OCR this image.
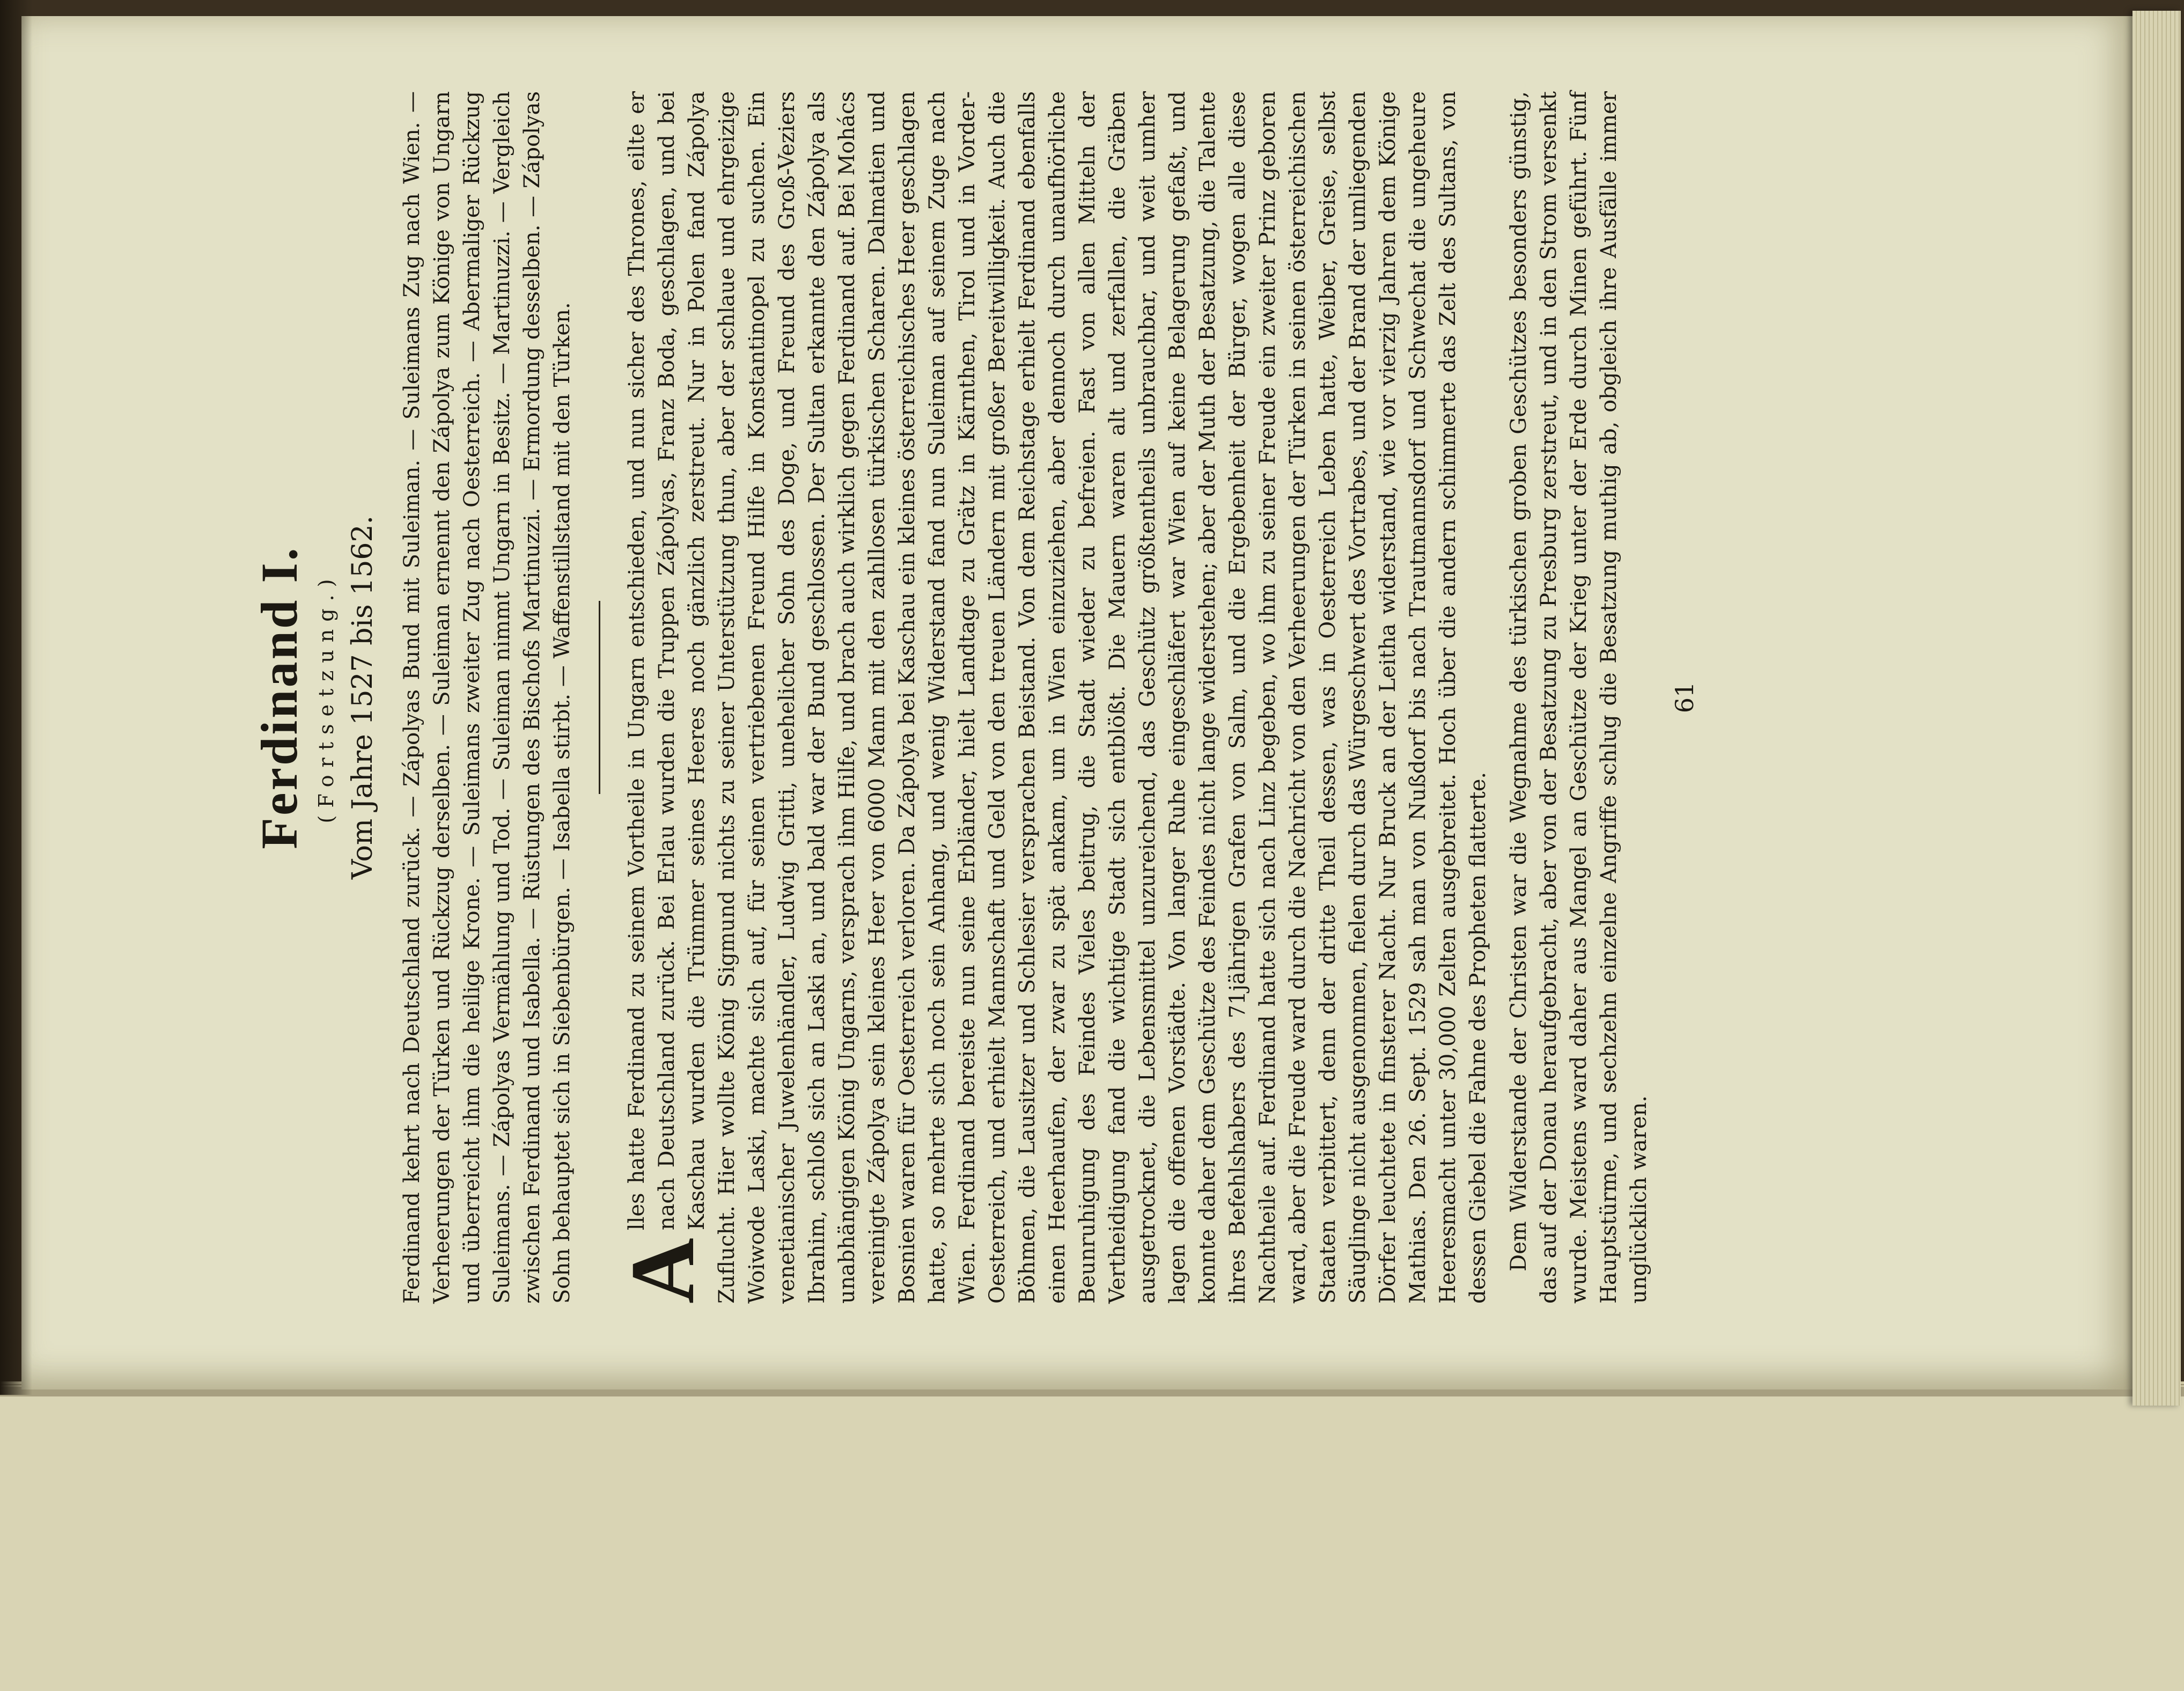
Ferdinand I. (Fortsetzung.) Vom Jahre 1527 bis 1562. Ferdinand kehrt nach Deutschland zurück. — Zápolyas Bund mit Suleiman. — Suleimans Zug nach Wien. — Verheerungen der Türken und Rückzug derselben. — Suleiman ernennt den Zápolya zum Könige von Ungarn und überreicht ihm die heilige Krone. — Suleimans zweiter Zug nach Oesterreich. — Abermaliger Rückzug Suleimans. — Zápolyas Vermählung und Tod. — Suleiman nimmt Ungarn in Besitz. — Martinuzzi. — Vergleich zwischen Ferdinand und Isabella. — Rüstungen des Bischofs Martinuzzi. — Ermordung desselben. — Zápolyas Sohn behauptet sich in Siebenbürgen. — Isabella stirbt. — Waffenstillstand mit den Türken. A
lles hatte Ferdinand zu seinem Vortheile in Ungarn entschieden, und nun sicher des Thrones, eilte er nach Deutschland zurück. Bei Erlau wurden die Truppen Zápolyas, Franz Boda, geschlagen, und bei Kaschau wurden die Trümmer seines Heeres noch gänzlich zerstreut. Nur in Polen fand Zápolya Zuflucht. Hier wollte König Sigmund nichts zu seiner Unterstützung thun, aber der schlaue und ehrgeizige Woiwode Laski, machte sich auf, für seinen vertriebenen Freund Hilfe in Konstantinopel zu suchen. Ein venetianischer Juwelenhändler, Ludwig Gritti, unehelicher Sohn des Doge, und Freund des Groß-Veziers Ibrahim, schloß sich an Laski an, und bald war der Bund geschlossen. Der Sultan erkannte den Zápolya als unabhängigen König Ungarns, versprach ihm Hilfe, und brach auch wirklich gegen Ferdinand auf. Bei Mohács vereinigte Zápolya sein kleines Heer von 6000 Mann mit den zahllosen türkischen Scharen. Dalmatien und Bosnien waren für Oesterreich verloren. Da Zápolya bei Kaschau ein kleines österreichisches Heer geschlagen hatte, so mehrte sich noch sein Anhang, und wenig Widerstand fand nun Suleiman auf seinem Zuge nach Wien. Ferdinand bereiste nun seine Erbländer, hielt Landtage zu Grätz in Kärnthen, Tirol und in Vorder-Oesterreich, und erhielt Mannschaft und Geld von den treuen Ländern mit großer Bereitwilligkeit. Auch die Böhmen, die Lausitzer und Schlesier versprachen Beistand. Von dem Reichstage erhielt Ferdinand ebenfalls einen Heerhaufen, der zwar zu spät ankam, um in Wien einzuziehen, aber dennoch durch unaufhörliche Beunruhigung des Feindes Vieles beitrug, die Stadt wieder zu befreien. Fast von allen Mitteln der Vertheidigung fand die wichtige Stadt sich entblößt. Die Mauern waren alt und zerfallen, die Gräben ausgetrocknet, die Lebensmittel unzureichend, das Geschütz größtentheils unbrauchbar, und weit umher lagen die offenen Vorstädte. Von langer Ruhe eingeschläfert war Wien auf keine Belagerung gefaßt, und konnte daher dem Geschütze des Feindes nicht lange widerstehen; aber der Muth der Besatzung, die Talente ihres Befehlshabers des 71jährigen Grafen von Salm, und die Ergebenheit der Bürger, wogen alle diese Nachtheile auf. Ferdinand hatte sich nach Linz begeben, wo ihm zu seiner Freude ein zweiter Prinz geboren ward, aber die Freude ward durch die Nachricht von den Verheerungen der Türken in seinen österreichischen Staaten verbittert, denn der dritte Theil dessen, was in Oesterreich Leben hatte, Weiber, Greise, selbst Säuglinge nicht ausgenommen, fielen durch das Würgeschwert des Vortrabes, und der Brand der umliegenden Dörfer leuchtete in finsterer Nacht. Nur Bruck an der Leitha widerstand, wie vor vierzig Jahren dem Könige Mathias. Den 26. Sept. 1529 sah man von Nußdorf bis nach Trautmannsdorf und Schwechat die ungeheure Heeresmacht unter 30,000 Zelten ausgebreitet. Hoch über die andern schimmerte das Zelt des Sultans, von dessen Giebel die Fahne des Propheten flatterte. Dem Widerstande der Christen war die Wegnahme des türkischen groben Geschützes besonders günstig, das auf der Donau heraufgebracht, aber von der Besatzung zu Presburg zerstreut, und in den Strom versenkt wurde. Meistens ward daher aus Mangel an Geschütze der Krieg unter der Erde durch Minen geführt. Fünf Hauptstürme, und sechzehn einzelne Angriffe schlug die Besatzung muthig ab, obgleich ihre Ausfälle immer unglücklich waren.

61
